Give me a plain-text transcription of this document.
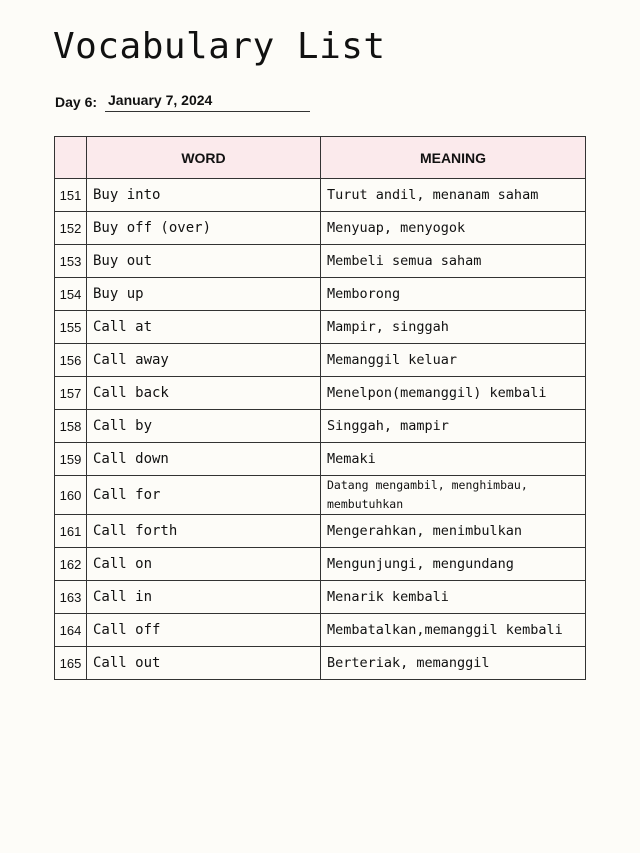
Vocabulary List
Day 6: January 7, 2024
	WORD	MEANING
151	Buy into	Turut andil, menanam saham
152	Buy off (over)	Menyuap, menyogok
153	Buy out	Membeli semua saham
154	Buy up	Memborong
155	Call at	Mampir, singgah
156	Call away	Memanggil keluar
157	Call back	Menelpon(memanggil) kembali
158	Call by	Singgah, mampir
159	Call down	Memaki
160	Call for	Datang mengambil, menghimbau, membutuhkan
161	Call forth	Mengerahkan, menimbulkan
162	Call on	Mengunjungi, mengundang
163	Call in	Menarik kembali
164	Call off	Membatalkan,memanggil kembali
165	Call out	Berteriak, memanggil
